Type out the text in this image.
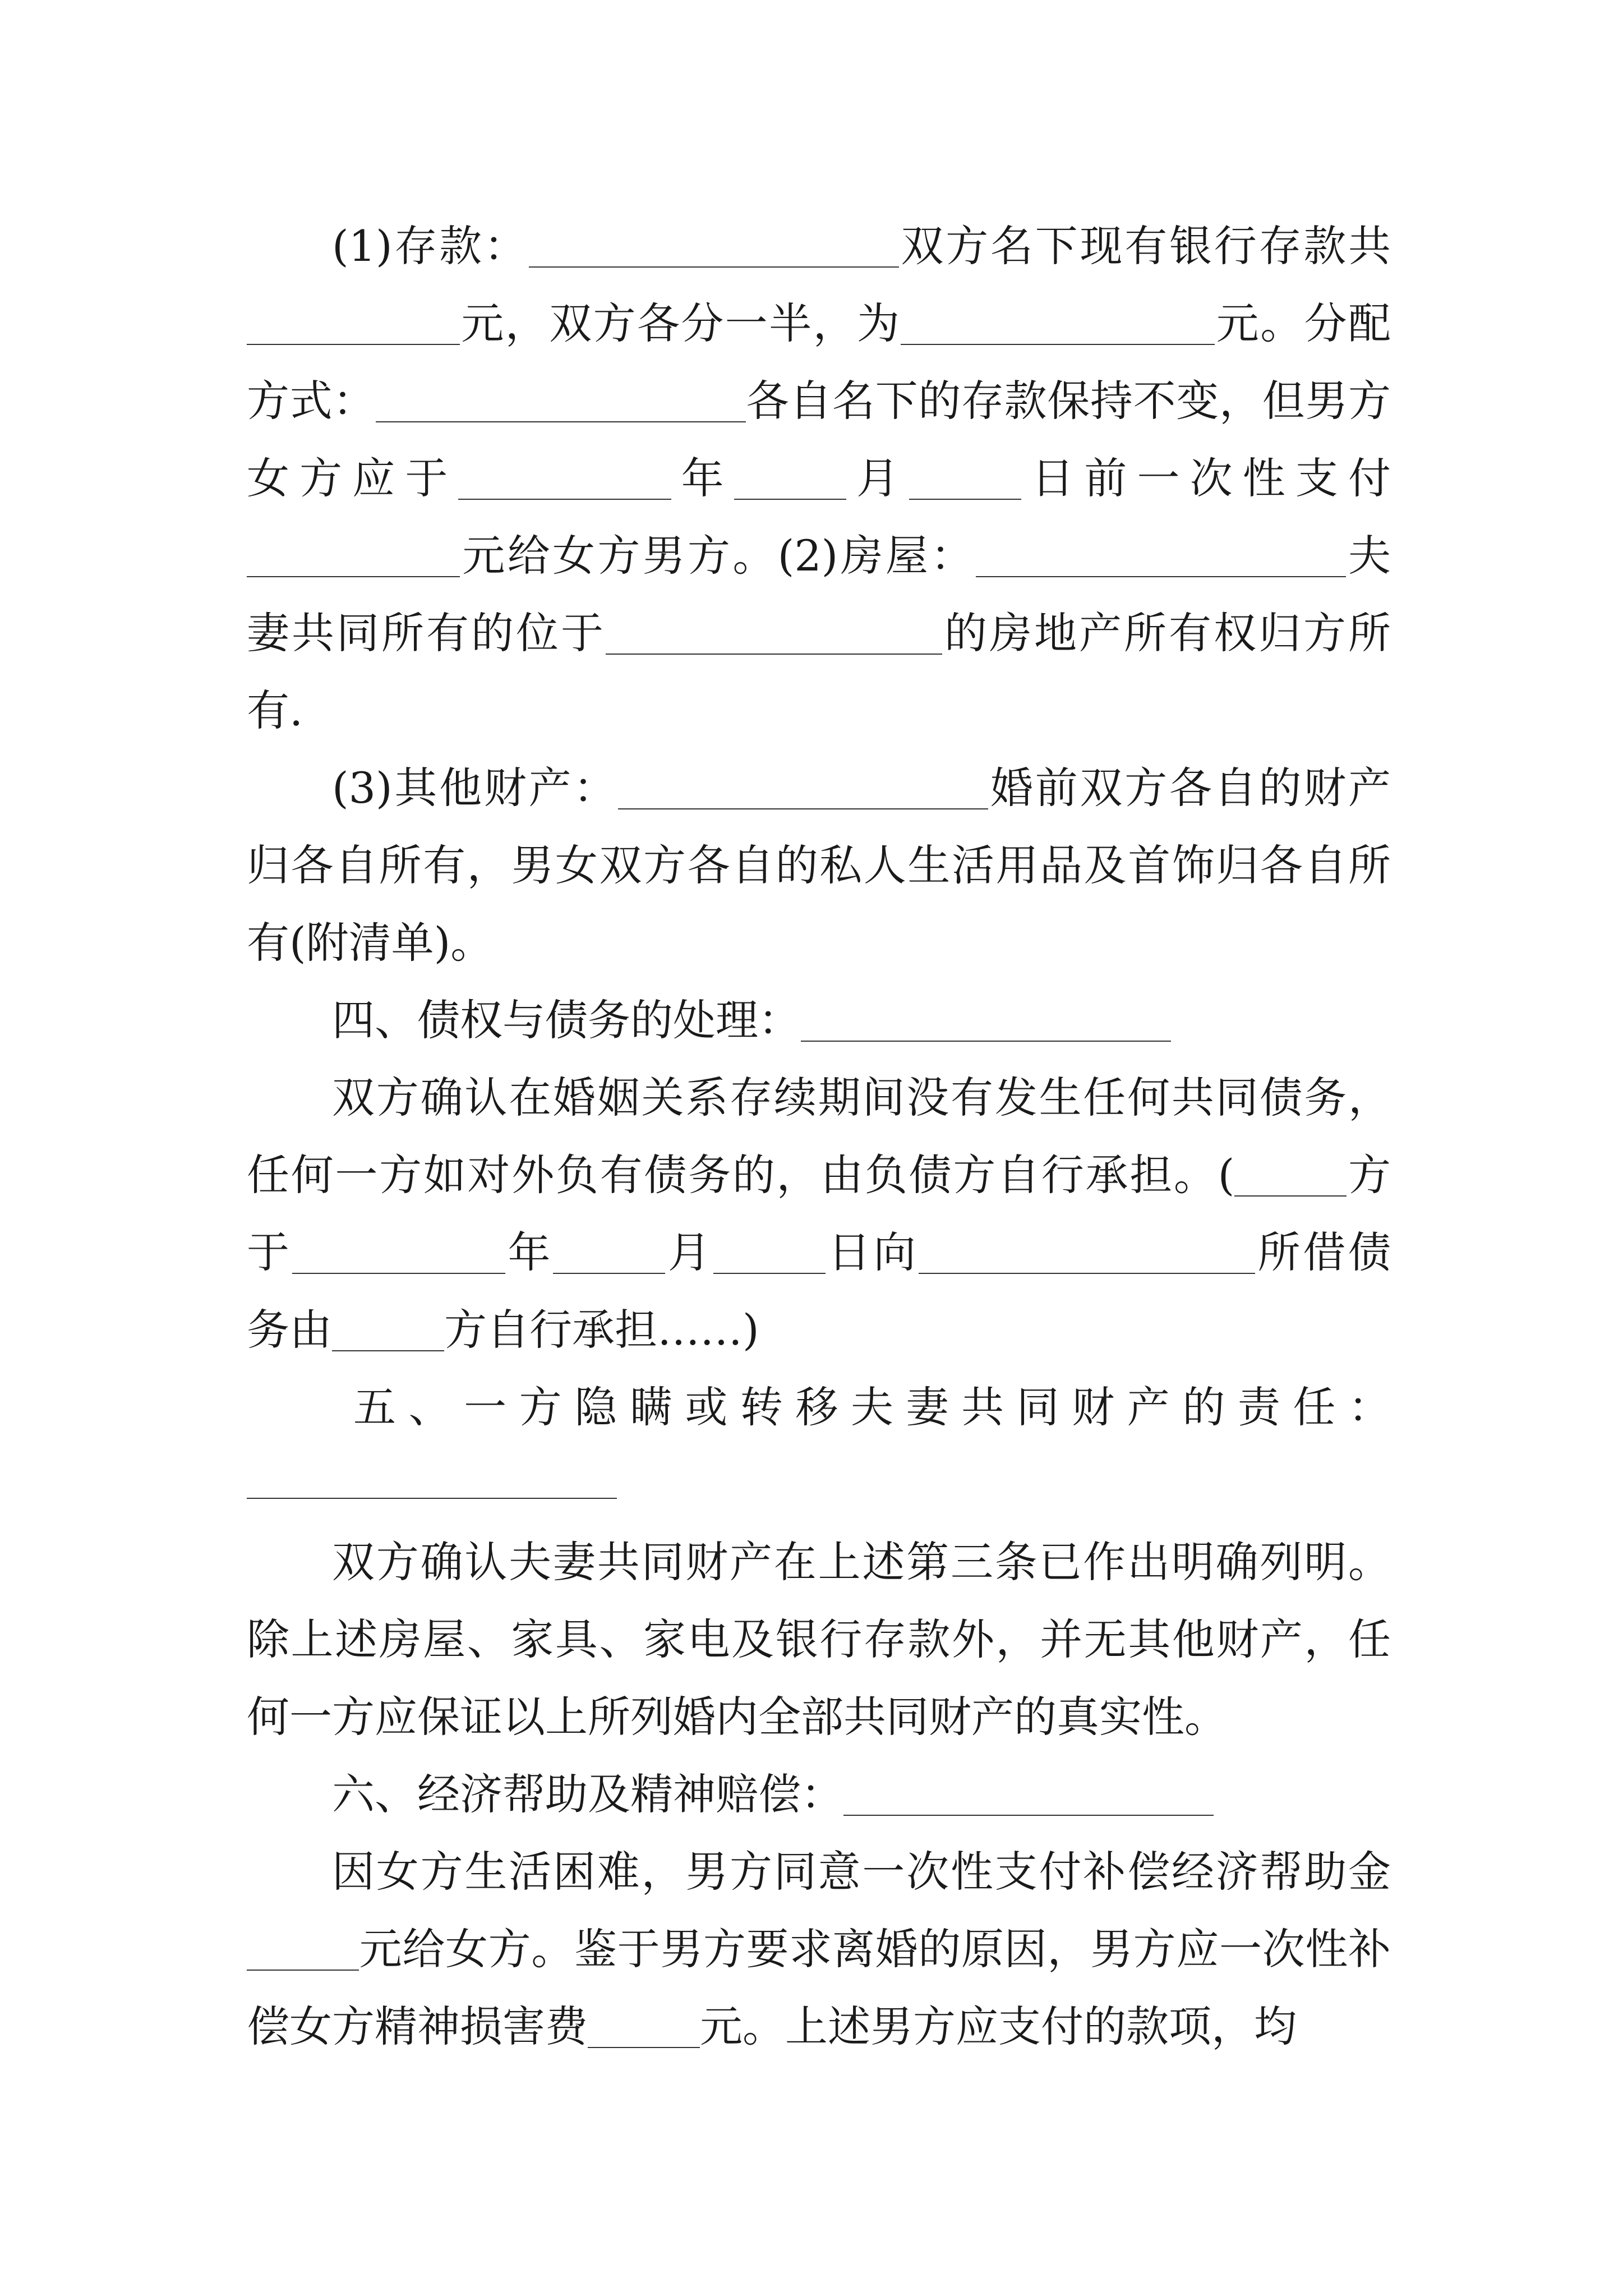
(1)存款：	双方名下现有银行存款共元，双方各分一半，为	元。分配方式：	各自名下的存款保持不变，但男方女方应于	年	月	日前一次性支付元给女方男方。(2)房屋：	夫妻共同所有的位于	的房地产所有权归方所有.

(3)其他财产：	婚前双方各自的财产归各自所有，男女双方各自的私人生活用品及首饰归各自所有(附清单)。

四、债权与债务的处理：

双方确认在婚姻关系存续期间没有发生任何共同债务，任何一方如对外负有债务的，由负债方自行承担。(	方于	年	月	日向	所借债务由	方自行承担……)

五、一方隐瞒或转移夫妻共同财产的责任：

双方确认夫妻共同财产在上述第三条已作出明确列明。除上述房屋、家具、家电及银行存款外，并无其他财产，任何一方应保证以上所列婚内全部共同财产的真实性。

六、经济帮助及精神赔偿：

因女方生活困难，男方同意一次性支付补偿经济帮助金元给女方。鉴于男方要求离婚的原因，男方应一次性补偿女方精神损害费	元。上述男方应支付的款项，均
